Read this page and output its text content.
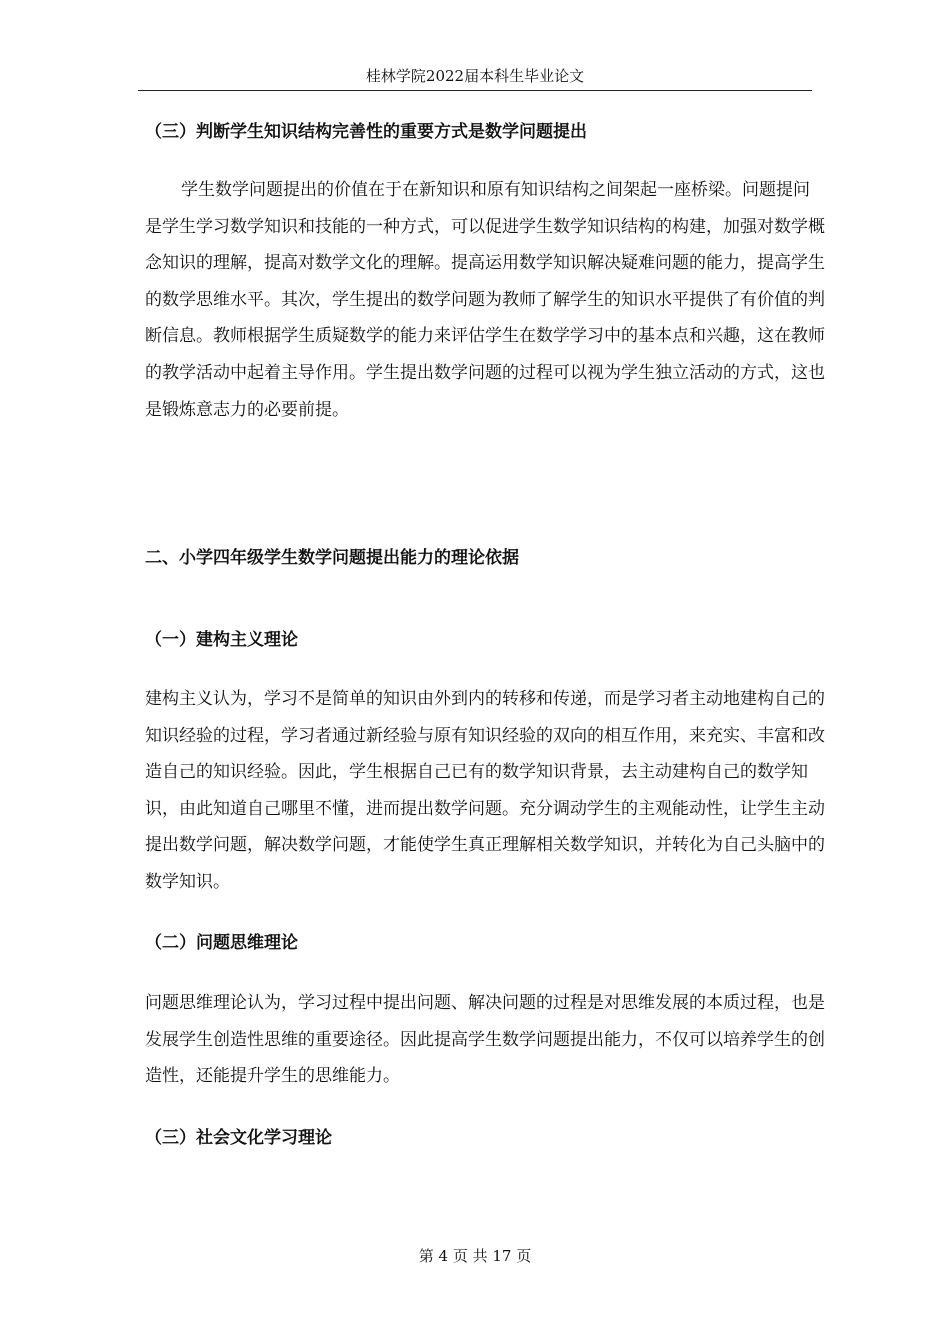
桂林学院2022届本科生毕业论文

（三）判断学生知识结构完善性的重要方式是数学问题提出

学生数学问题提出的价值在于在新知识和原有知识结构之间架起一座桥梁。问题提问是学生学习数学知识和技能的一种方式，可以促进学生数学知识结构的构建，加强对数学概念知识的理解，提高对数学文化的理解。提高运用数学知识解决疑难问题的能力，提高学生的数学思维水平。其次，学生提出的数学问题为教师了解学生的知识水平提供了有价值的判断信息。教师根据学生质疑数学的能力来评估学生在数学学习中的基本点和兴趣，这在教师的教学活动中起着主导作用。学生提出数学问题的过程可以视为学生独立活动的方式，这也是锻炼意志力的必要前提。

二、小学四年级学生数学问题提出能力的理论依据

（一）建构主义理论

建构主义认为，学习不是简单的知识由外到内的转移和传递，而是学习者主动地建构自己的知识经验的过程，学习者通过新经验与原有知识经验的双向的相互作用，来充实、丰富和改造自己的知识经验。因此，学生根据自己已有的数学知识背景，去主动建构自己的数学知识，由此知道自己哪里不懂，进而提出数学问题。充分调动学生的主观能动性，让学生主动提出数学问题，解决数学问题，才能使学生真正理解相关数学知识，并转化为自己头脑中的数学知识。

（二）问题思维理论

问题思维理论认为，学习过程中提出问题、解决问题的过程是对思维发展的本质过程，也是发展学生创造性思维的重要途径。因此提高学生数学问题提出能力，不仅可以培养学生的创造性，还能提升学生的思维能力。

（三）社会文化学习理论

第 4 页 共 17 页
